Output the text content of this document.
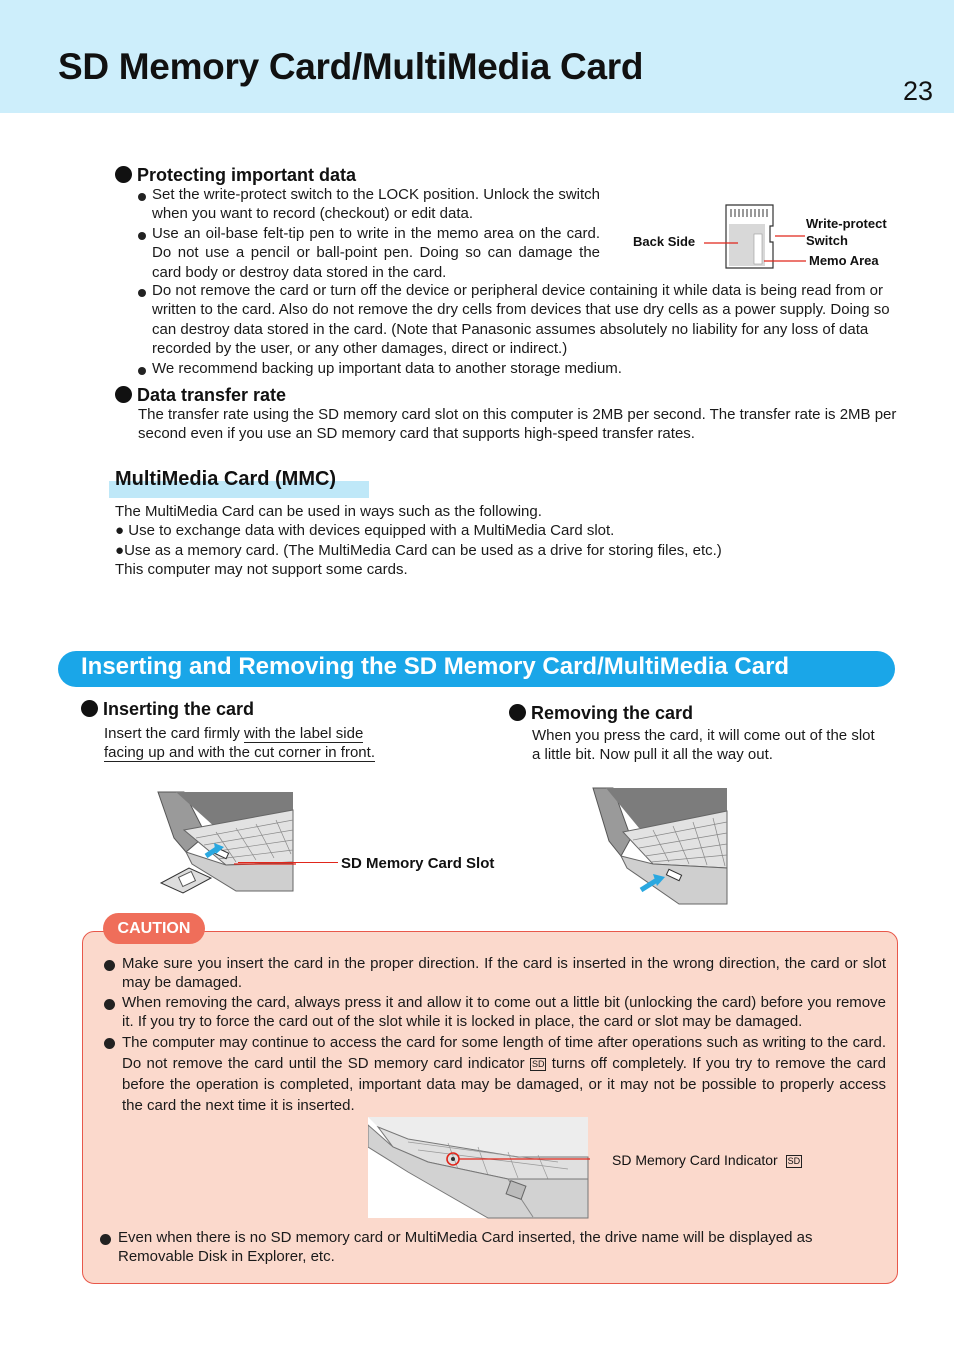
SD Memory Card/MultiMedia Card
23
Protecting important data
Set the write-protect switch to the LOCK position. Unlock the switch when you want to record (checkout) or edit data.
Use an oil-base felt-tip pen to write in the memo area on the card. Do not use a pencil or ball-point pen. Doing so can damage the card body or destroy data stored in the card.
Do not remove the card or turn off the device or peripheral device containing it while data is being read from or written to the card. Also do not remove the dry cells from devices that use dry cells as a power supply. Doing so can destroy data stored in the card. (Note that Panasonic assumes absolutely no liability for any loss of data recorded by the user, or any other damages, direct or indirect.)
We recommend backing up important data to another storage medium.
Back Side
Write-protect
Switch
Memo Area
Data transfer rate
The transfer rate using the SD memory card slot on this computer is 2MB per second. The transfer rate is 2MB per second even if you use an SD memory card that supports high-speed transfer rates.
MultiMedia Card (MMC)
The MultiMedia Card can be used in ways such as the following.
● Use to exchange data with devices equipped with a MultiMedia Card slot.
●Use as a memory card. (The MultiMedia Card can be used as a drive for storing files, etc.)
This computer may not support some cards.
Inserting and Removing the SD Memory Card/MultiMedia Card
Inserting the card
Insert the card firmly with the label side
facing up and with the cut corner in front.
Removing the card
When you press the card, it will come out of the slot a little bit. Now pull it all the way out.
SD Memory Card Slot
CAUTION
Make sure you insert the card in the proper direction. If the card is inserted in the wrong direction, the card or slot may be damaged.
When removing the card, always press it and allow it to come out a little bit (unlocking the card) before you remove it. If you try to force the card out of the slot while it is locked in place, the card or slot may be damaged.
The computer may continue to access the card for some length of time after operations such as writing to the card. Do not remove the card until the SD memory card indicator SD turns off completely. If you try to remove the card before the operation is completed, important data may be damaged, or it may not be possible to properly access the card the next time it is inserted.
SD Memory Card Indicator SD
Even when there is no SD memory card or MultiMedia Card inserted, the drive name will be displayed as Removable Disk in Explorer, etc.
